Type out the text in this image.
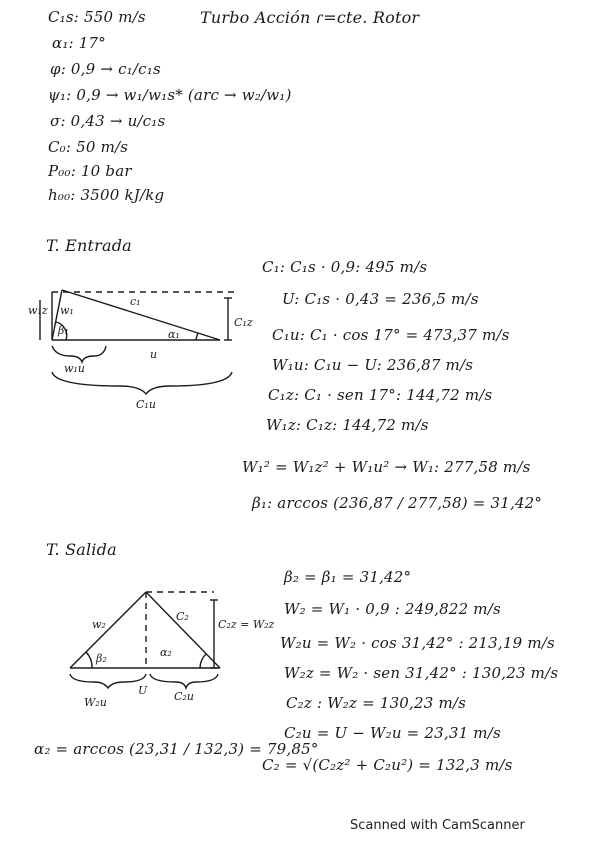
Turbo Acción ɾ=cte. Rotor
C₁s: 550 m/s
α₁: 17°
φ: 0,9 → c₁/c₁s
ψ₁: 0,9 → w₁/w₁s* (arc → w₂/w₁)
σ: 0,43 → u/c₁s
C₀: 50 m/s
P₀₀: 10 bar
h₀₀: 3500 kJ/kg
T. Entrada
w₁z w₁
c₁
β₁	α₁
C₁z
u
w₁u
C₁u
w₂
C₂
C₂z = W₂z
β₂	α₂
W₂u
U C₂u
C₁: C₁s · 0,9: 495 m/s
U: C₁s · 0,43 = 236,5 m/s
C₁u: C₁ · cos 17° = 473,37 m/s
W₁u: C₁u − U: 236,87 m/s
C₁z: C₁ · sen 17°: 144,72 m/s
W₁z: C₁z: 144,72 m/s
W₁² = W₁z² + W₁u² → W₁: 277,58 m/s
β₁: arccos (236,87 / 277,58) = 31,42°
T. Salida
β₂ = β₁ = 31,42°
W₂ = W₁ · 0,9 : 249,822 m/s
W₂u = W₂ · cos 31,42° : 213,19 m/s
W₂z = W₂ · sen 31,42° : 130,23 m/s
C₂z : W₂z = 130,23 m/s
C₂u = U − W₂u = 23,31 m/s
C₂ = √(C₂z² + C₂u²) = 132,3 m/s
α₂ = arccos (23,31 / 132,3) = 79,85°
Scanned with CamScanner
